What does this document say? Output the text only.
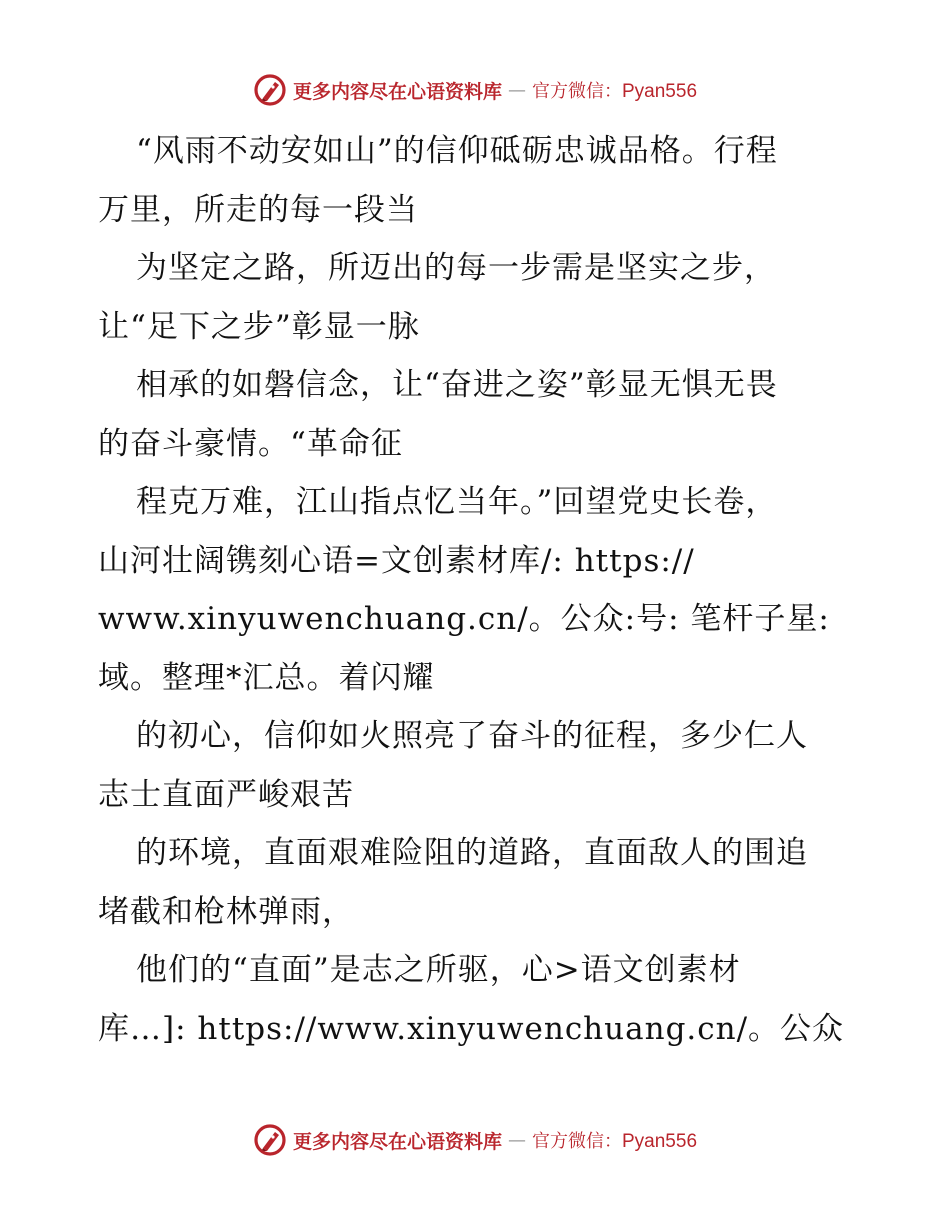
更多内容尽在心语资料库 — 官方微信：Pyan556
“风雨不动安如山”的信仰砥砺忠诚品格。行程
万里，所走的每一段当
为坚定之路，所迈出的每一步需是坚实之步，
让“足下之步”彰显一脉
相承的如磐信念，让“奋进之姿”彰显无惧无畏
的奋斗豪情。“革命征
程克万难，江山指点忆当年。”回望党史长卷，
山河壮阔镌刻心语=文创素材库/: https://
www.xinyuwenchuang.cn/。公众:号: 笔杆子星:
域。整理*汇总。着闪耀
的初心，信仰如火照亮了奋斗的征程，多少仁人
志士直面严峻艰苦
的环境，直面艰难险阻的道路，直面敌人的围追
堵截和枪林弹雨，
他们的“直面”是志之所驱，心>语文创素材
库…]: https://www.xinyuwenchuang.cn/。公众
更多内容尽在心语资料库 — 官方微信：Pyan556
